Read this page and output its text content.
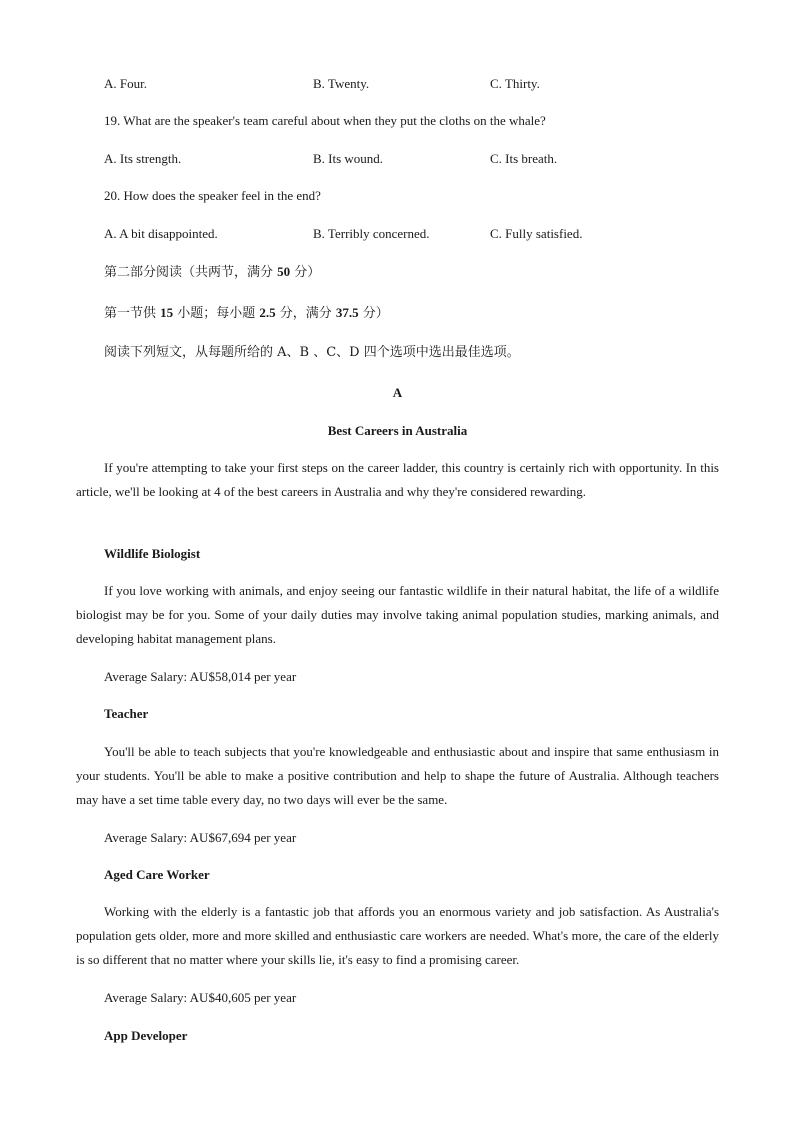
A. Four.	B. Twenty.	C. Thirty.
19. What are the speaker's team careful about when they put the cloths on the whale?
A. Its strength.	B. Its wound.	C. Its breath.
20. How does the speaker feel in the end?
A. A bit disappointed.	B. Terribly concerned.	C. Fully satisfied.
第二部分阅读（共两节，满分 50 分）
第一节供 15 小题；每小题 2.5 分，满分 37.5 分）
阅读下列短文，从每题所给的 A、B 、C、D 四个选项中选出最佳选项。
A
Best Careers in Australia

If you're attempting to take your first steps on the career ladder, this country is certainly rich with opportunity. In this article, we'll be looking at 4 of the best careers in Australia and why they're considered rewarding.

Wildlife Biologist

If you love working with animals, and enjoy seeing our fantastic wildlife in their natural habitat, the life of a wildlife biologist may be for you. Some of your daily duties may involve taking animal population studies, marking animals, and developing habitat management plans.

Average Salary: AU$58,014 per year
Teacher

You'll be able to teach subjects that you're knowledgeable and enthusiastic about and inspire that same enthusiasm in your students. You'll be able to make a positive contribution and help to shape the future of Australia. Although teachers may have a set time table every day, no two days will ever be the same.

Average Salary: AU$67,694 per year
Aged Care Worker

Working with the elderly is a fantastic job that affords you an enormous variety and job satisfaction. As Australia's population gets older, more and more skilled and enthusiastic care workers are needed. What's more, the care of the elderly is so different that no matter where your skills lie, it's easy to find a promising career.

Average Salary: AU$40,605 per year
App Developer
